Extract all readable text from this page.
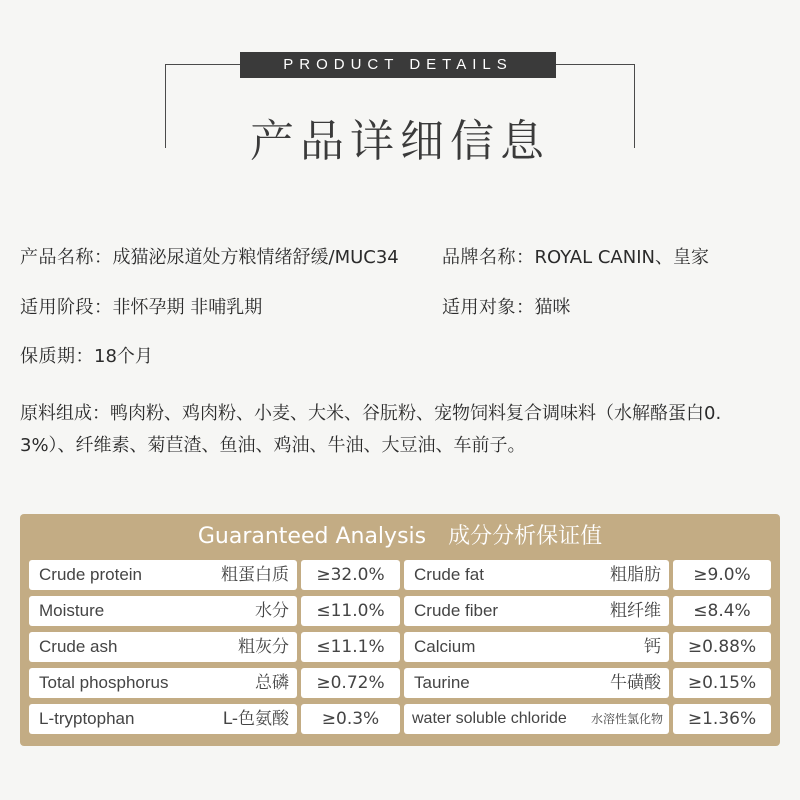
PRODUCT DETAILS
产品详细信息
产品名称：成猫泌尿道处方粮情绪舒缓/MUC34 品牌名称：ROYAL CANIN、皇家
适用阶段：非怀孕期 非哺乳期	适用对象：猫咪
保质期：18个月
原料组成：鸭肉粉、鸡肉粉、小麦、大米、谷朊粉、宠物饲料复合调味料（水解酪蛋白0.3%）、纤维素、菊苣渣、鱼油、鸡油、牛油、大豆油、车前子。
Guaranteed Analysis 成分分析保证值
Crude protein	粗蛋白质	≥32.0%	Crude fat	粗脂肪	≥9.0%
Moisture	水分	≤11.0%	Crude fiber	粗纤维	≤8.4%
Crude ash	粗灰分	≤11.1%	Calcium	钙	≥0.88%
Total phosphorus	总磷	≥0.72%	Taurine	牛磺酸	≥0.15%
L-tryptophan	L-色氨酸	≥0.3%	water soluble chloride 水溶性氯化物	≥1.36%
